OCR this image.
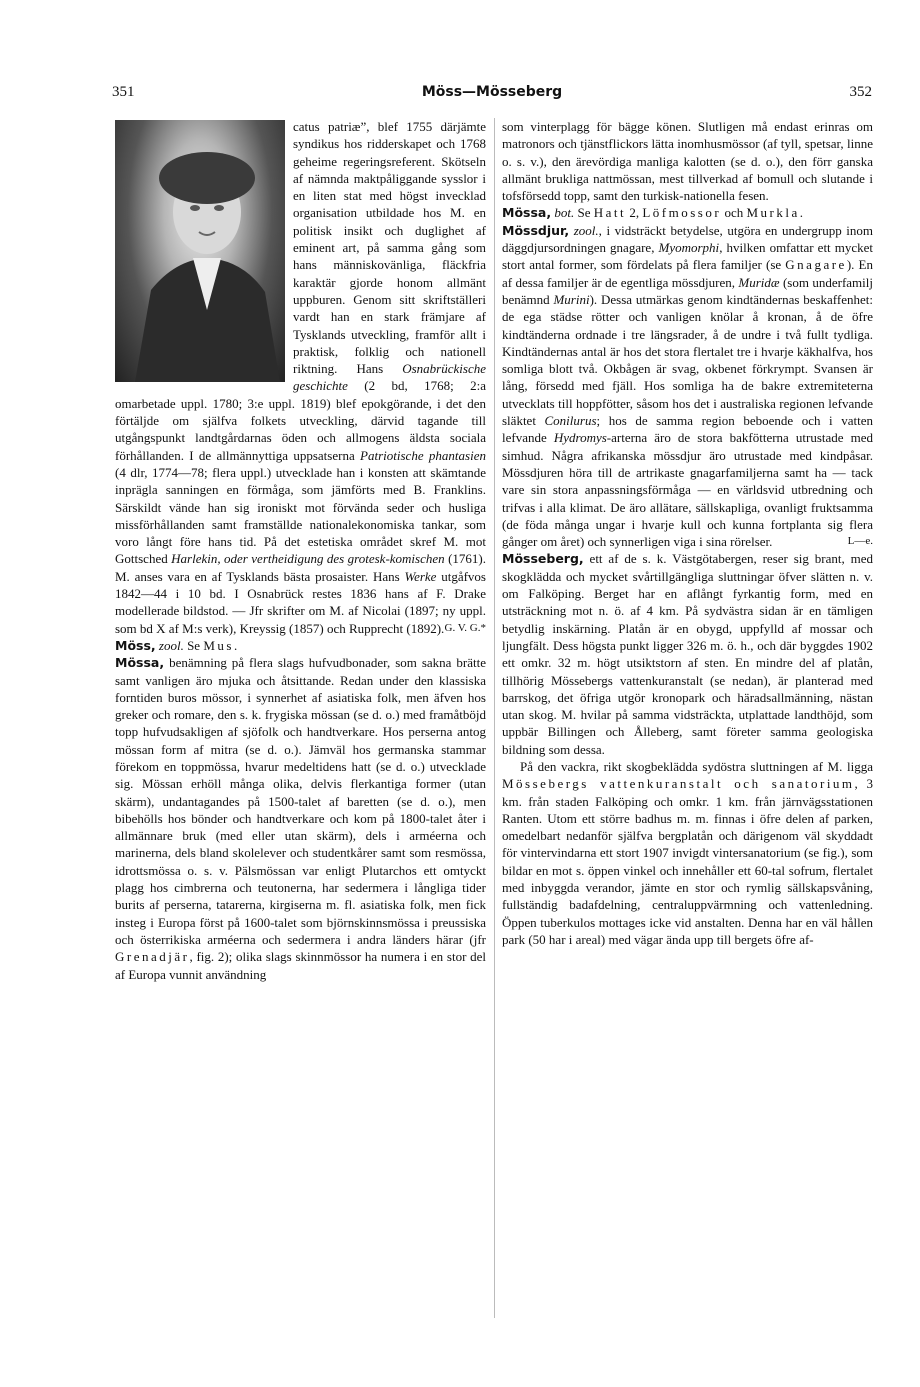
351	Möss—Mösseberg	352

catus patriæ”, blef 1755 därjämte syndikus hos ridderskapet och 1768 geheime regeringsreferent. Skötseln af nämnda maktpåliggande sysslor i en liten stat med högst invecklad organisation utbildade hos M. en politisk insikt och duglighet af eminent art, på samma gång som hans människovänliga, fläckfria karaktär gjorde honom allmänt uppburen. Genom sitt skriftställeri vardt han en stark främjare af Tysklands utveckling, framför allt i praktisk, folklig och nationell riktning. Hans Osnabrückische geschichte (2 bd, 1768; 2:a omarbetade uppl. 1780; 3:e uppl. 1819) blef epokgörande, i det den förtäljde om själfva folkets utveckling, därvid tagande till utgångspunkt landtgårdarnas öden och allmogens äldsta sociala förhållanden. I de allmännyttiga uppsatserna Patriotische phantasien (4 dlr, 1774—78; flera uppl.) utvecklade han i konsten att skämtande inprägla sanningen en förmåga, som jämförts med B. Franklins. Särskildt vände han sig ironiskt mot förvända seder och husliga missförhållanden samt framställde nationalekonomiska tankar, som voro långt före hans tid. På det estetiska området skref M. mot Gottsched Harlekin, oder vertheidigung des grotesk-komischen (1761). M. anses vara en af Tysklands bästa prosaister. Hans Werke utgåfvos 1842—44 i 10 bd. I Osnabrück restes 1836 hans af F. Drake modellerade bildstod. — Jfr skrifter om M. af Nicolai (1897; ny uppl. som bd X af M:s verk), Kreyssig (1857) och Rupprecht (1892). G. V. G.*

Möss, zool. Se Mus.

Mössa, benämning på flera slags hufvudbonader, som sakna brätte samt vanligen äro mjuka och åtsittande. Redan under den klassiska forntiden buros mössor, i synnerhet af asiatiska folk, men äfven hos greker och romare, den s. k. frygiska mössan (se d. o.) med framåtböjd topp hufvudsakligen af sjöfolk och handtverkare. Hos perserna antog mössan form af mitra (se d. o.). Jämväl hos germanska stammar förekom en toppmössa, hvarur medeltidens hatt (se d. o.) utvecklade sig. Mössan erhöll många olika, delvis flerkantiga former (utan skärm), undantagandes på 1500-talet af baretten (se d. o.), men bibehölls hos bönder och handtverkare och kom på 1800-talet åter i allmännare bruk (med eller utan skärm), dels i arméerna och marinerna, dels bland skolelever och studentkårer samt som resmössa, idrottsmössa o. s. v. Pälsmössan var enligt Plutarchos ett omtyckt plagg hos cimbrerna och teutonerna, har sedermera i långliga tider burits af perserna, tatarerna, kirgiserna m. fl. asiatiska folk, men fick insteg i Europa först på 1600-talet som björnskinnsmössa i preussiska och österrikiska arméerna och sedermera i andra länders härar (jfr Grenadjär, fig. 2); olika slags skinnmössor ha numera i en stor del af Europa vunnit användning

som vinterplagg för bägge könen. Slutligen må endast erinras om matronors och tjänstflickors lätta inomhusmössor (af tyll, spetsar, linne o. s. v.), den ärevördiga manliga kalotten (se d. o.), den förr ganska allmänt brukliga nattmössan, mest tillverkad af bomull och slutande i tofsförsedd topp, samt den turkisk-nationella fesen.

Mössa, bot. Se Hatt 2, Löfmossor och Murkla.

Mössdjur, zool., i vidsträckt betydelse, utgöra en undergrupp inom däggdjursordningen gnagare, Myomorphi, hvilken omfattar ett mycket stort antal former, som fördelats på flera familjer (se Gnagare). En af dessa familjer är de egentliga mössdjuren, Muridæ (som underfamilj benämnd Murini). Dessa utmärkas genom kindtändernas beskaffenhet: de ega städse rötter och vanligen knölar å kronan, å de öfre kindtänderna ordnade i tre längsrader, å de undre i två fullt tydliga. Kindtändernas antal är hos det stora flertalet tre i hvarje käkhalfva, hos somliga blott två. Okbågen är svag, okbenet förkrympt. Svansen är lång, försedd med fjäll. Hos somliga ha de bakre extremiteterna utvecklats till hoppfötter, såsom hos det i australiska regionen lefvande släktet Conilurus; hos de samma region beboende och i vatten lefvande Hydromys-arterna äro de stora bakfötterna utrustade med simhud. Några afrikanska mössdjur äro utrustade med kindpåsar. Mössdjuren höra till de artrikaste gnagarfamiljerna samt ha — tack vare sin stora anpassningsförmåga — en världsvid utbredning och trifvas i alla klimat. De äro allätare, sällskapliga, ovanligt fruktsamma (de föda många ungar i hvarje kull och kunna fortplanta sig flera gånger om året) och synnerligen viga i sina rörelser.	L—e.

Mösseberg, ett af de s. k. Västgötabergen, reser sig brant, med skogklädda och mycket svårtillgängliga sluttningar öfver slätten n. v. om Falköping. Berget har en aflångt fyrkantig form, med en utsträckning mot n. ö. af 4 km. På sydvästra sidan är en tämligen betydlig inskärning. Platån är en obygd, uppfylld af mossar och ljungfält. Dess högsta punkt ligger 326 m. ö. h., och där byggdes 1902 ett omkr. 32 m. högt utsiktstorn af sten. En mindre del af platån, tillhörig Mössebergs vattenkuranstalt (se nedan), är planterad med barrskog, det öfriga utgör kronopark och häradsallmänning, nästan utan skog. M. hvilar på samma vidsträckta, utplattade landthöjd, som uppbär Billingen och Ålleberg, samt företer samma geologiska bildning som dessa.

På den vackra, rikt skogbeklädda sydöstra sluttningen af M. ligga Mössebergs vattenkuranstalt och sanatorium, 3 km. från staden Falköping och omkr. 1 km. från järnvägsstationen Ranten. Utom ett större badhus m. m. finnas i öfre delen af parken, omedelbart nedanför själfva bergplatån och därigenom väl skyddadt för vintervindarna ett stort 1907 invigdt vintersanatorium (se fig.), som bildar en mot s. öppen vinkel och innehåller ett 60-tal sofrum, flertalet med inbyggda verandor, jämte en stor och rymlig sällskapsvåning, fullständig badafdelning, centraluppvärmning och vattenledning. Öppen tuberkulos mottages icke vid anstalten. Denna har en väl hållen park (50 har i areal) med vägar ända upp till bergets öfre af-
